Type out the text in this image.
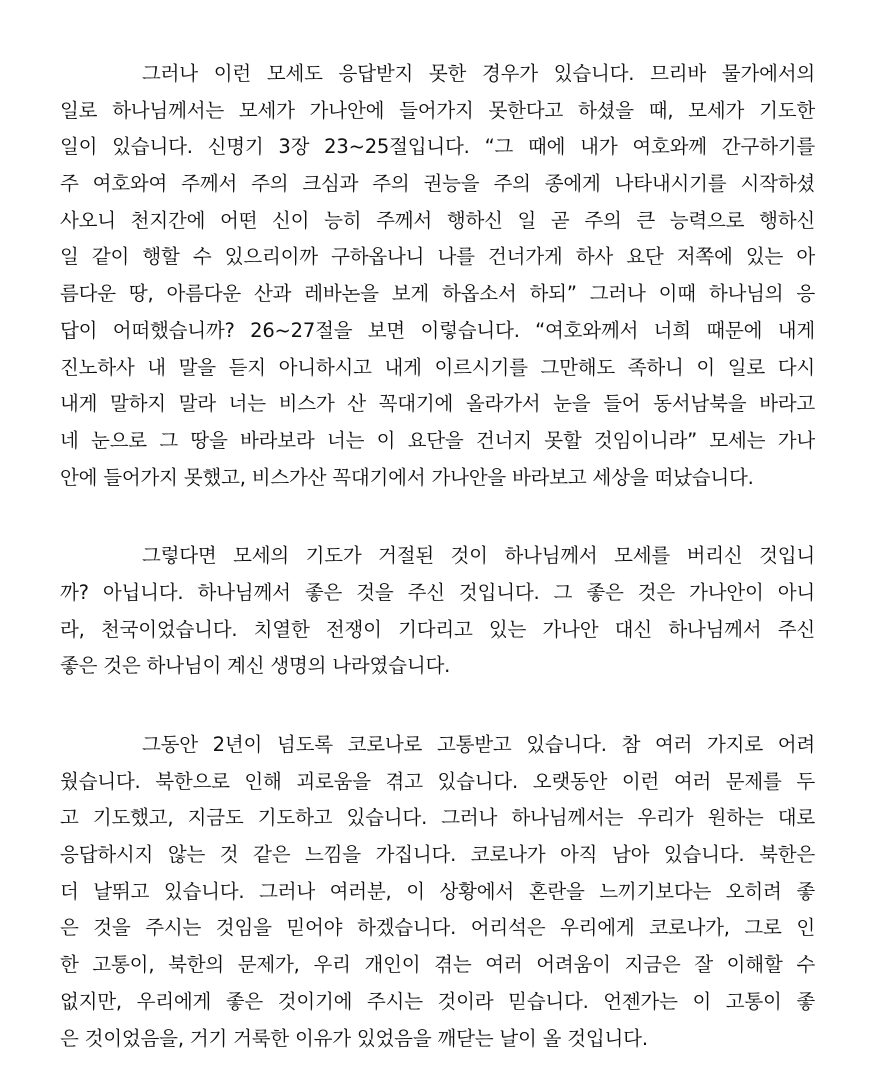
그러나 이런 모세도 응답받지 못한 경우가 있습니다. 므리바 물가에서의
일로 하나님께서는 모세가 가나안에 들어가지 못한다고 하셨을 때, 모세가 기도한
일이 있습니다. 신명기 3장 23~25절입니다. “그 때에 내가 여호와께 간구하기를
주 여호와여 주께서 주의 크심과 주의 권능을 주의 종에게 나타내시기를 시작하셨
사오니 천지간에 어떤 신이 능히 주께서 행하신 일 곧 주의 큰 능력으로 행하신
일 같이 행할 수 있으리이까 구하옵나니 나를 건너가게 하사 요단 저쪽에 있는 아
름다운 땅, 아름다운 산과 레바논을 보게 하옵소서 하되” 그러나 이때 하나님의 응
답이 어떠했습니까? 26~27절을 보면 이렇습니다. “여호와께서 너희 때문에 내게
진노하사 내 말을 듣지 아니하시고 내게 이르시기를 그만해도 족하니 이 일로 다시
내게 말하지 말라 너는 비스가 산 꼭대기에 올라가서 눈을 들어 동서남북을 바라고
네 눈으로 그 땅을 바라보라 너는 이 요단을 건너지 못할 것임이니라” 모세는 가나
안에 들어가지 못했고, 비스가산 꼭대기에서 가나안을 바라보고 세상을 떠났습니다.
그렇다면 모세의 기도가 거절된 것이 하나님께서 모세를 버리신 것입니
까? 아닙니다. 하나님께서 좋은 것을 주신 것입니다. 그 좋은 것은 가나안이 아니
라, 천국이었습니다. 치열한 전쟁이 기다리고 있는 가나안 대신 하나님께서 주신
좋은 것은 하나님이 계신 생명의 나라였습니다.
그동안 2년이 넘도록 코로나로 고통받고 있습니다. 참 여러 가지로 어려
웠습니다. 북한으로 인해 괴로움을 겪고 있습니다. 오랫동안 이런 여러 문제를 두
고 기도했고, 지금도 기도하고 있습니다. 그러나 하나님께서는 우리가 원하는 대로
응답하시지 않는 것 같은 느낌을 가집니다. 코로나가 아직 남아 있습니다. 북한은
더 날뛰고 있습니다. 그러나 여러분, 이 상황에서 혼란을 느끼기보다는 오히려 좋
은 것을 주시는 것임을 믿어야 하겠습니다. 어리석은 우리에게 코로나가, 그로 인
한 고통이, 북한의 문제가, 우리 개인이 겪는 여러 어려움이 지금은 잘 이해할 수
없지만, 우리에게 좋은 것이기에 주시는 것이라 믿습니다. 언젠가는 이 고통이 좋
은 것이었음을, 거기 거룩한 이유가 있었음을 깨닫는 날이 올 것입니다.
